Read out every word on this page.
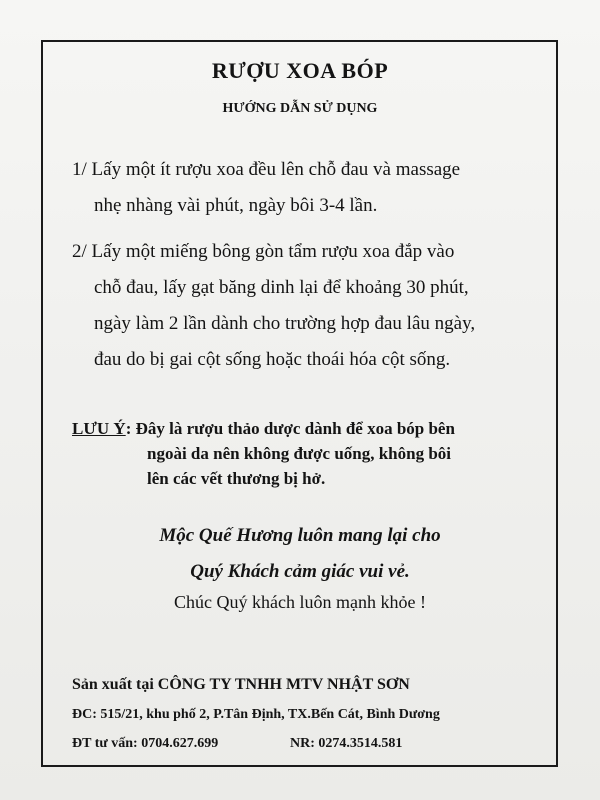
RƯỢU XOA BÓP
HƯỚNG DẪN SỬ DỤNG
1/ Lấy một ít rượu xoa đều lên chỗ đau và massage
nhẹ nhàng vài phút, ngày bôi 3-4 lần.
2/ Lấy một miếng bông gòn tẩm rượu xoa đắp vào
chỗ đau, lấy gạt băng dinh lại để khoảng 30 phút,
ngày làm 2 lần dành cho trường hợp đau lâu ngày,
đau do bị gai cột sống hoặc thoái hóa cột sống.
LƯU Ý: Đây là rượu thảo dược dành để xoa bóp bên
ngoài da nên không được uống, không bôi
lên các vết thương bị hở.
Mộc Quế Hương luôn mang lại cho
Quý Khách cảm giác vui vẻ.
Chúc Quý khách luôn mạnh khỏe !
Sản xuất tại CÔNG TY TNHH MTV NHẬT SƠN
ĐC: 515/21, khu phố 2, P.Tân Định, TX.Bến Cát, Bình Dương
ĐT tư vấn: 0704.627.699	NR: 0274.3514.581
